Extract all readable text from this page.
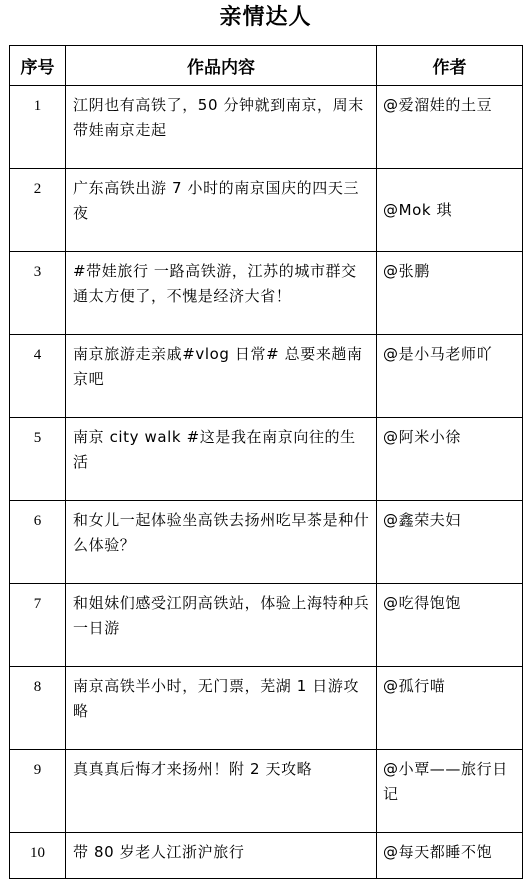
亲情达人
序号	作品内容	作者
1	江阴也有高铁了，50 分钟就到南京，周末带娃南京走起	@爱溜娃的土豆
2	广东高铁出游 7 小时的南京国庆的四天三夜	@Mok 琪
3	#带娃旅行 一路高铁游，江苏的城市群交通太方便了，不愧是经济大省！	@张鹏
4	南京旅游走亲戚#vlog 日常# 总要来趟南京吧	@是小马老师吖
5	南京 city walk #这是我在南京向往的生活	@阿米小徐
6	和女儿一起体验坐高铁去扬州吃早茶是种什么体验？	@鑫荣夫妇
7	和姐妹们感受江阴高铁站，体验上海特种兵一日游	@吃得饱饱
8	南京高铁半小时，无门票，芜湖 1 日游攻略	@孤行喵
9	真真真后悔才来扬州！附 2 天攻略	@小覃——旅行日记
10	带 80 岁老人江浙沪旅行	@每天都睡不饱
